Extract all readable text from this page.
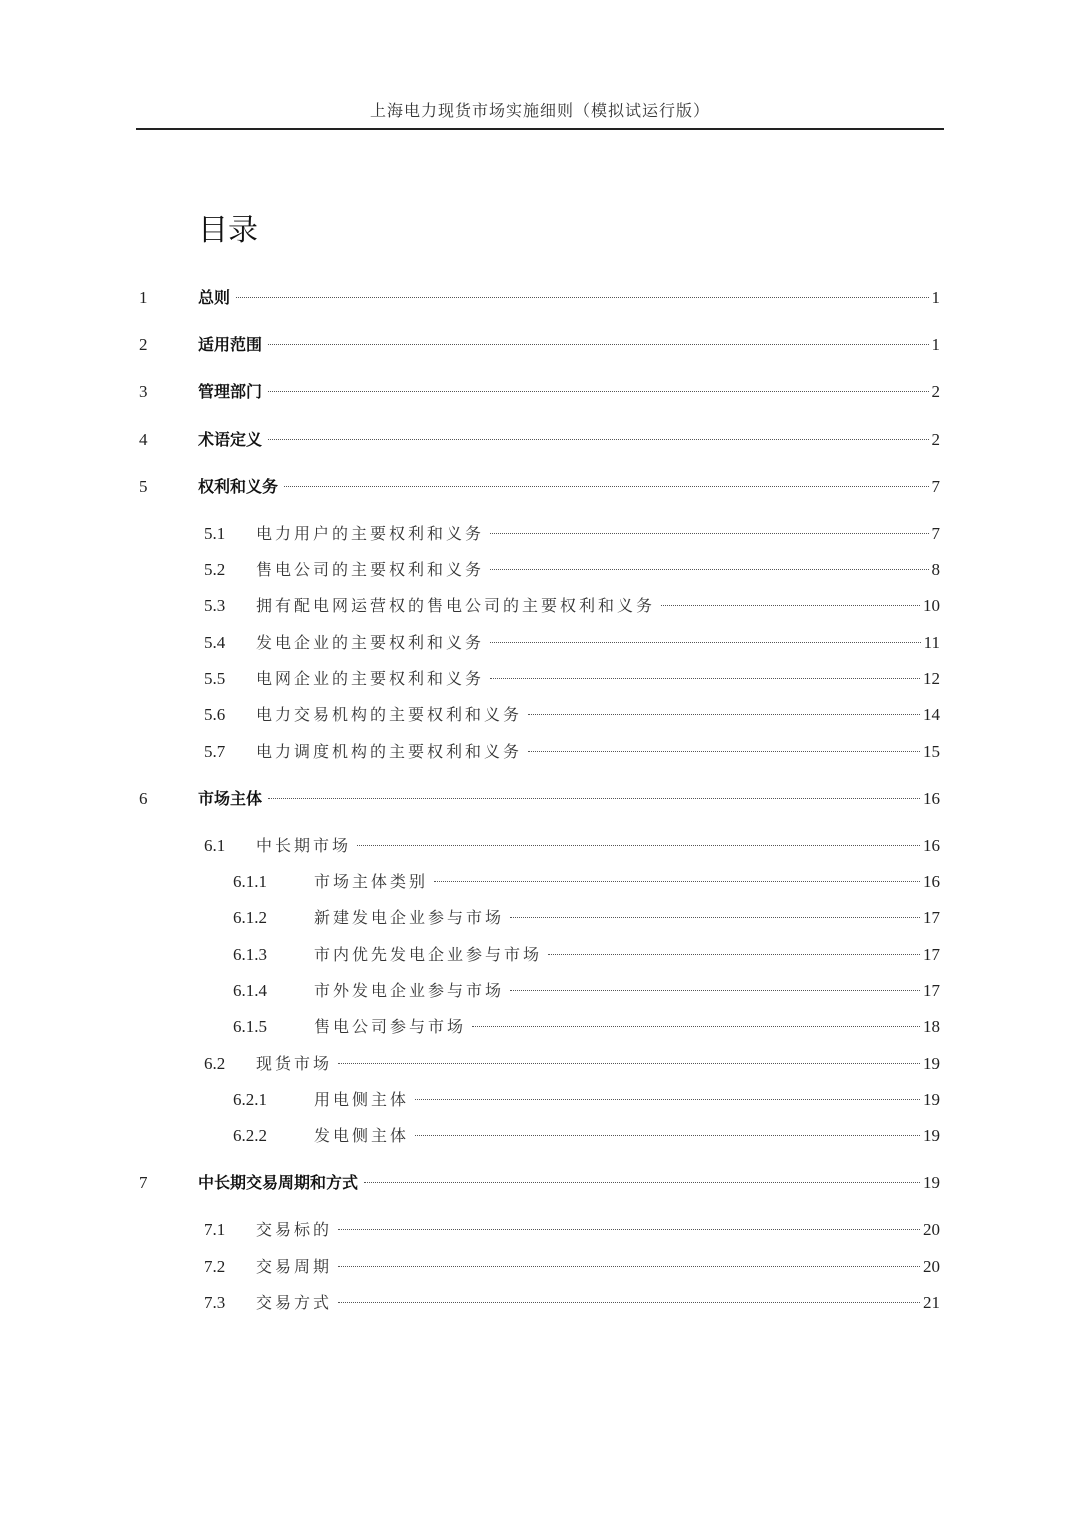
上海电力现货市场实施细则（模拟试运行版）
目录
1	总则	1
2	适用范围	1
3	管理部门	2
4	术语定义	2
5	权利和义务	7
5.1 电力用户的主要权利和义务	7
5.2 售电公司的主要权利和义务	8
5.3 拥有配电网运营权的售电公司的主要权利和义务	10
5.4 发电企业的主要权利和义务	11
5.5 电网企业的主要权利和义务	12
5.6 电力交易机构的主要权利和义务	14
5.7 电力调度机构的主要权利和义务	15
6	市场主体	16
6.1 中长期市场	16
6.1.1	市场主体类别	16
6.1.2	新建发电企业参与市场	17
6.1.3	市内优先发电企业参与市场	17
6.1.4	市外发电企业参与市场	17
6.1.5	售电公司参与市场	18
6.2 现货市场	19
6.2.1	用电侧主体	19
6.2.2	发电侧主体	19
7	中长期交易周期和方式	19
7.1 交易标的	20
7.2 交易周期	20
7.3 交易方式	21
